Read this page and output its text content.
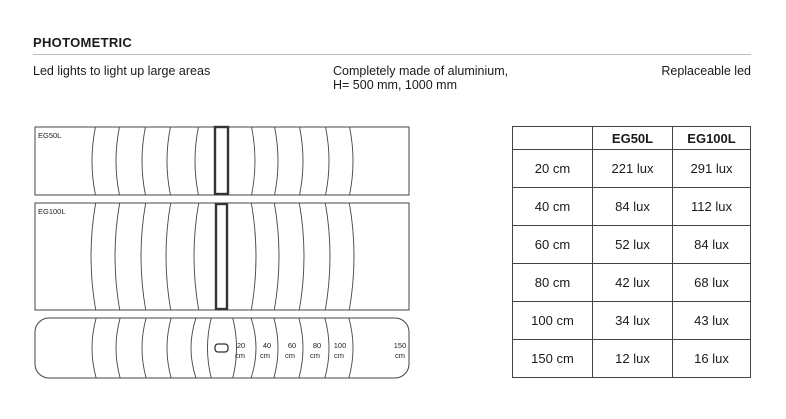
PHOTOMETRIC
Led lights to light up large areas	Completely made of aluminium,
H= 500 mm, 1000 mm
Replaceable led
EG50L
EG100L
20
cm
40
cm
60
cm
80
cm
100
cm
150
cm
	EG50L	EG100L
20 cm	221 lux	291 lux
40 cm	84 lux	112 lux
60 cm	52 lux	84 lux
80 cm	42 lux	68 lux
100 cm	34 lux	43 lux
150 cm	12 lux	16 lux
